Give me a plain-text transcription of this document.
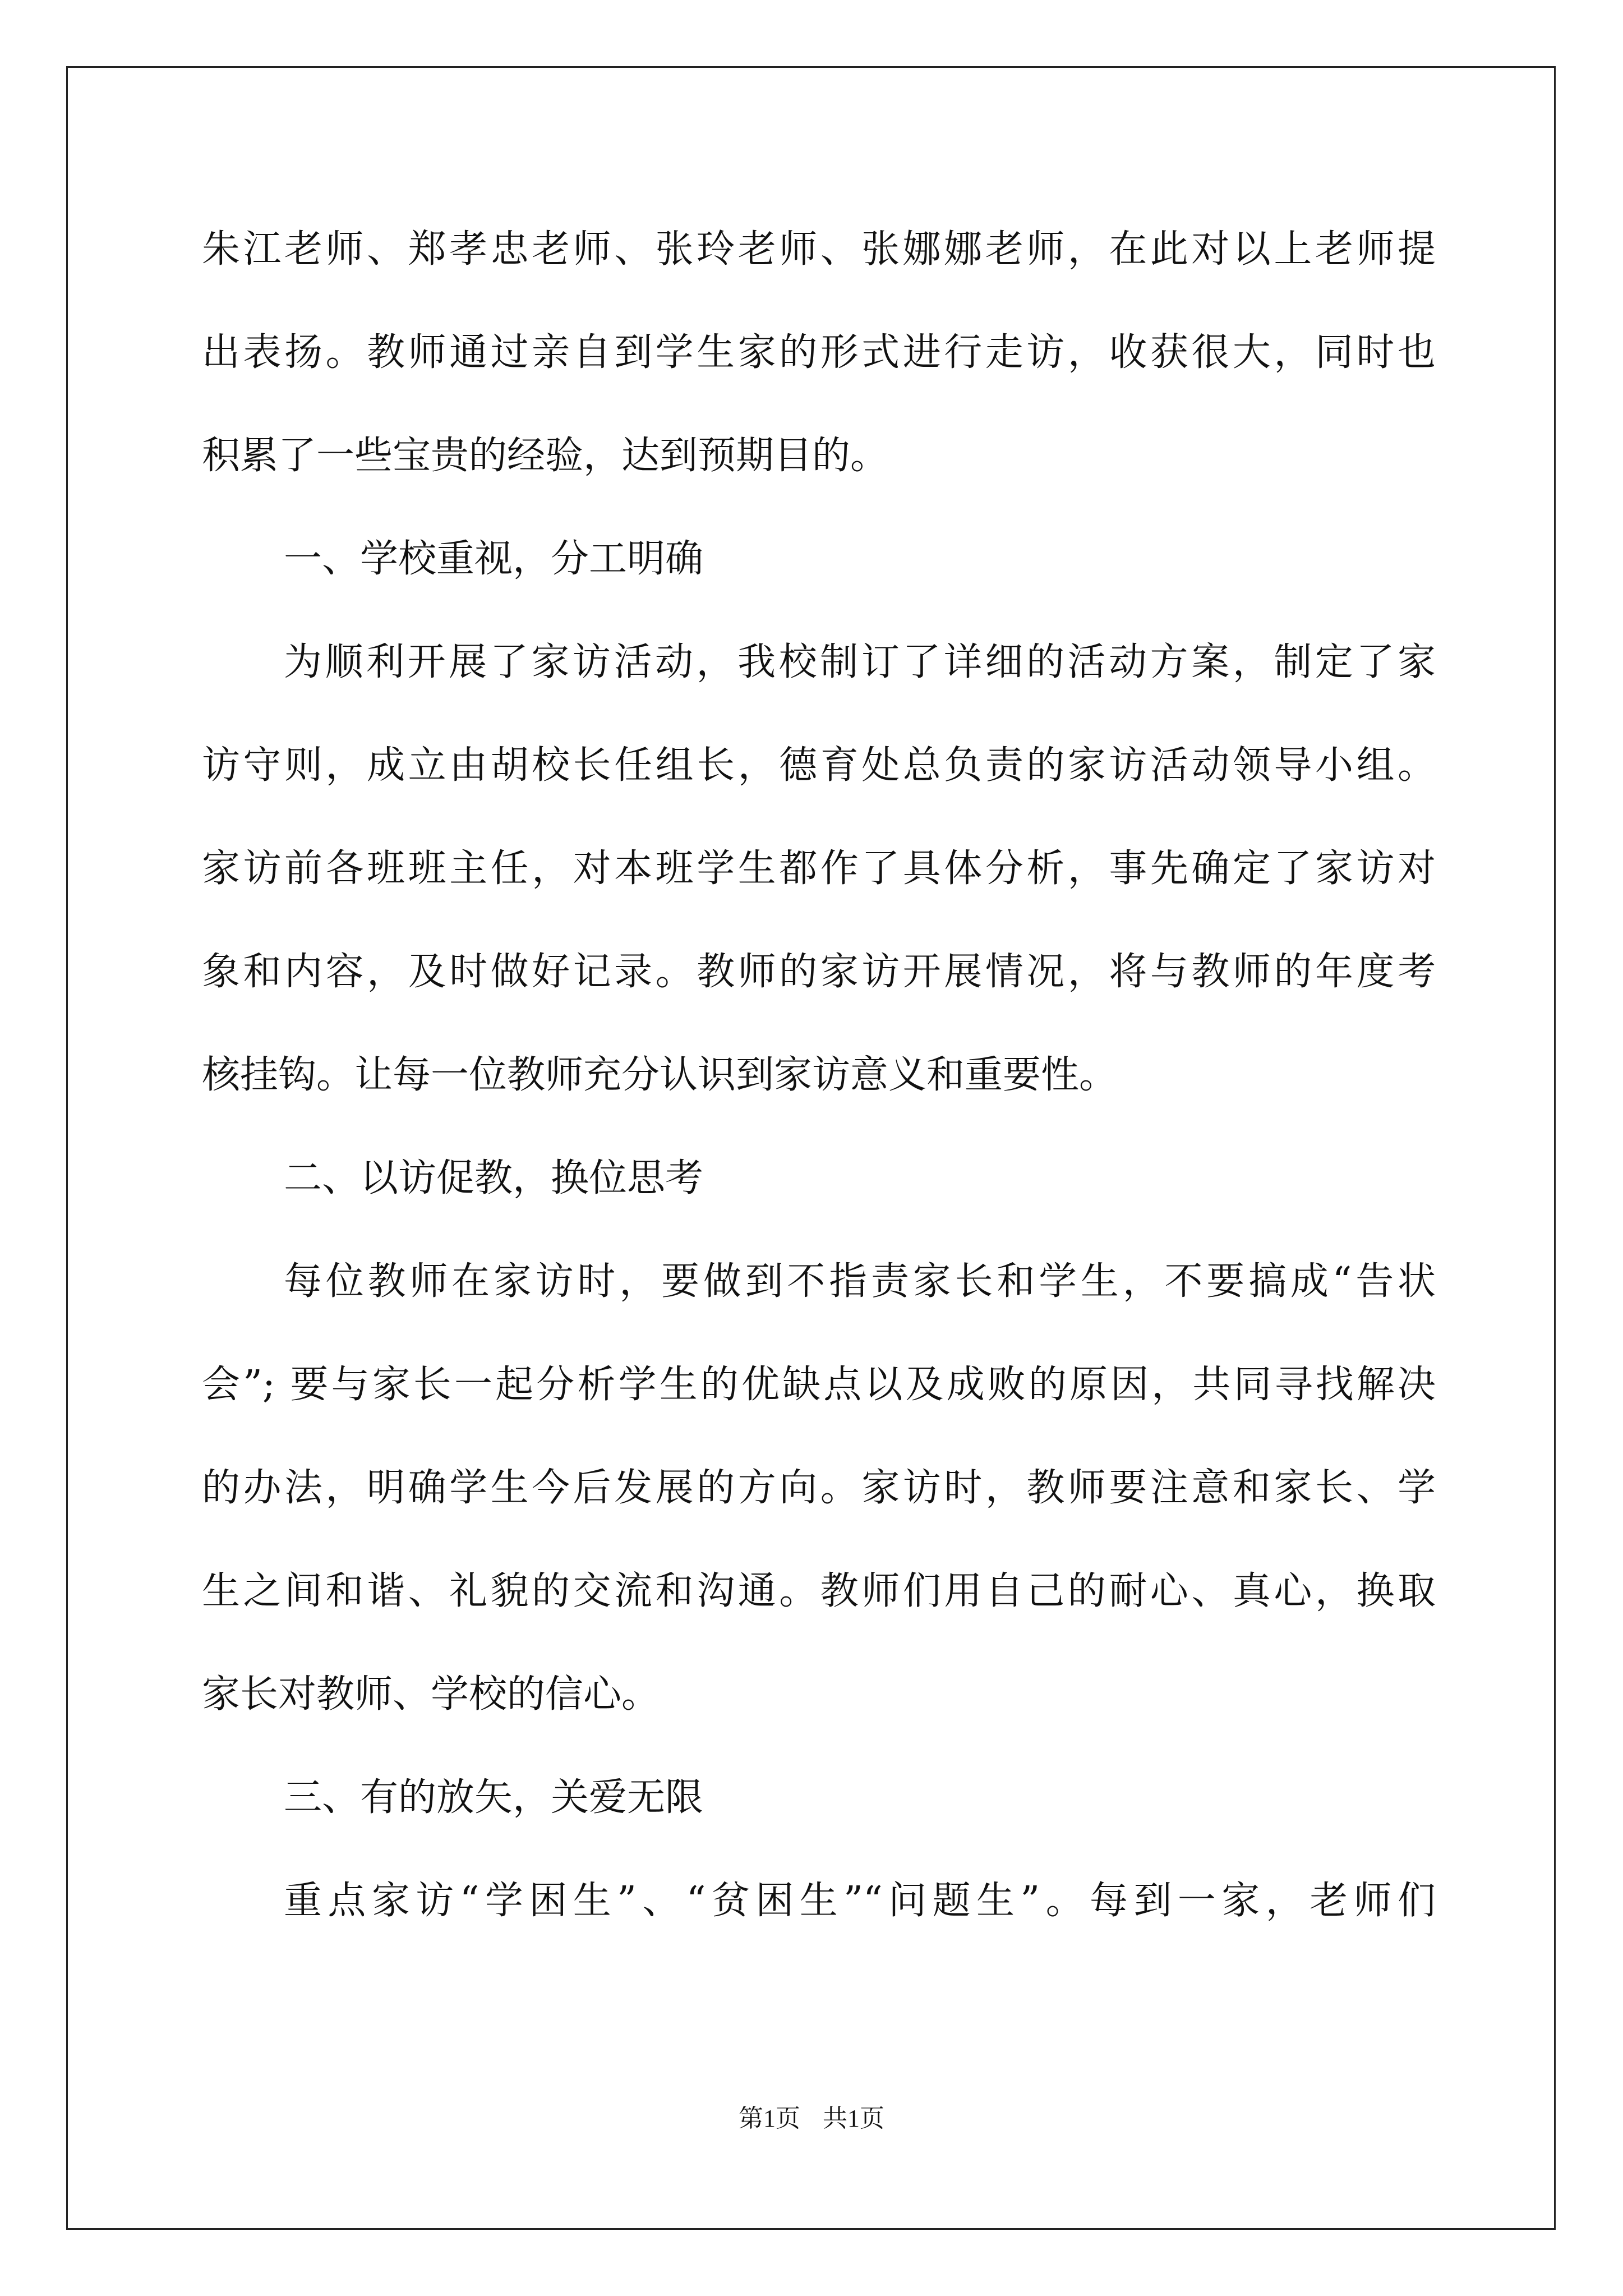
朱江老师、郑孝忠老师、张玲老师、张娜娜老师，在此对以上老师提

出表扬。教师通过亲自到学生家的形式进行走访，收获很大，同时也

积累了一些宝贵的经验，达到预期目的。

一、学校重视，分工明确

为顺利开展了家访活动，我校制订了详细的活动方案，制定了家

访守则，成立由胡校长任组长，德育处总负责的家访活动领导小组。

家访前各班班主任，对本班学生都作了具体分析，事先确定了家访对

象和内容，及时做好记录。教师的家访开展情况，将与教师的年度考

核挂钩。让每一位教师充分认识到家访意义和重要性。

二、以访促教，换位思考

每位教师在家访时，要做到不指责家长和学生，不要搞成“告状

会”; 要与家长一起分析学生的优缺点以及成败的原因，共同寻找解决

的办法，明确学生今后发展的方向。家访时，教师要注意和家长、学

生之间和谐、礼貌的交流和沟通。教师们用自己的耐心、真心，换取

家长对教师、学校的信心。

三、有的放矢，关爱无限

重点家访“学困生”、“贫困生”“问题生”。每到一家，老师们

第1页 共1页
